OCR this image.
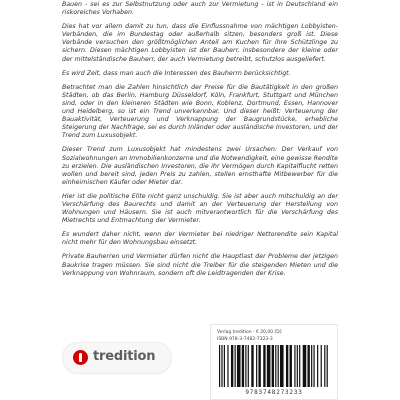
Bauen - sei es zur Selbstnutzung oder auch zur Vermietung - ist in Deutschland ein riskoreiches Vorhaben.

Dies hat vor allem damit zu tun, dass die Einflussnahme von mächtigen Lobbyisten-Verbänden, die im Bundestag oder außerhalb sitzen, besonders groß ist. Diese Verbände versuchen den größtmöglichen Anteil am Kuchen für ihre Schützlinge zu sichern. Diesen mächtigen Lobbyisten ist der Bauherr, insbesondere der kleine oder der mittelständische Bauherr, der auch Vermietung betreibt, schutzlos ausgeliefert.

Es wird Zeit, dass man auch die Interessen des Bauherrn berücksichtigt.

Betrachtet man die Zahlen hinsichtlich der Preise für die Bautätigkeit in den großen Städten, ob das Berlin, Hamburg Düsseldorf, Köln, Frankfurt, Stuttgart und München sind, oder in den kleineren Städten wie Bonn, Koblenz, Dortmund, Essen, Hannover und Heidelberg, so ist ein Trend unverkennbar. Und dieser heißt: Verteuerung der Bauaktivität, Verteuerung und Verknappung der Baugrundstücke, erhebliche Steigerung der Nachfrage, sei es durch Inländer oder ausländische Investoren, und der Trend zum Luxusobjekt.

Dieser Trend zum Luxusobjekt hat mindestens zwei Ursachen: Der Verkauf von Sozialwohnungen an Immobilienkonzerne und die Notwendigkeit, eine gewisse Rendite zu erzielen. Die ausländischen Investoren, die ihr Vermögen durch Kapitalflucht retten wollen und bereit sind, jeden Preis zu zahlen, stellen ernsthafte Mitbewerber für die einheimischen Käufer oder Mieter dar.

Hier ist die politische Elite nicht ganz unschuldig. Sie ist aber auch mitschuldig an der Verschärfung des Baurechts und damit an der Verteuerung der Herstellung von Wohnungen und Häusern. Sie ist auch mitverantwortlich für die Verschärfung des Mietrechts und Entmachtung der Vermieter.

Es wundert daher nicht, wenn der Vermieter bei niedriger Nettorendite sein Kapital nicht mehr für den Wohnungsbau einsetzt.

Private Bauherren und Vermieter dürfen nicht die Hauptlast der Probleme der jetzigen Baukrise tragen müssen. Sie sind nicht die Treiber für die steigenden Mieten und die Verknappung von Wohnraum, sondern oft die Leidtragenden der Krise.

tredition
Verlag tredition · € 20,00 [D]
ISBN 978-3-7482-7323-3
9783748273233
